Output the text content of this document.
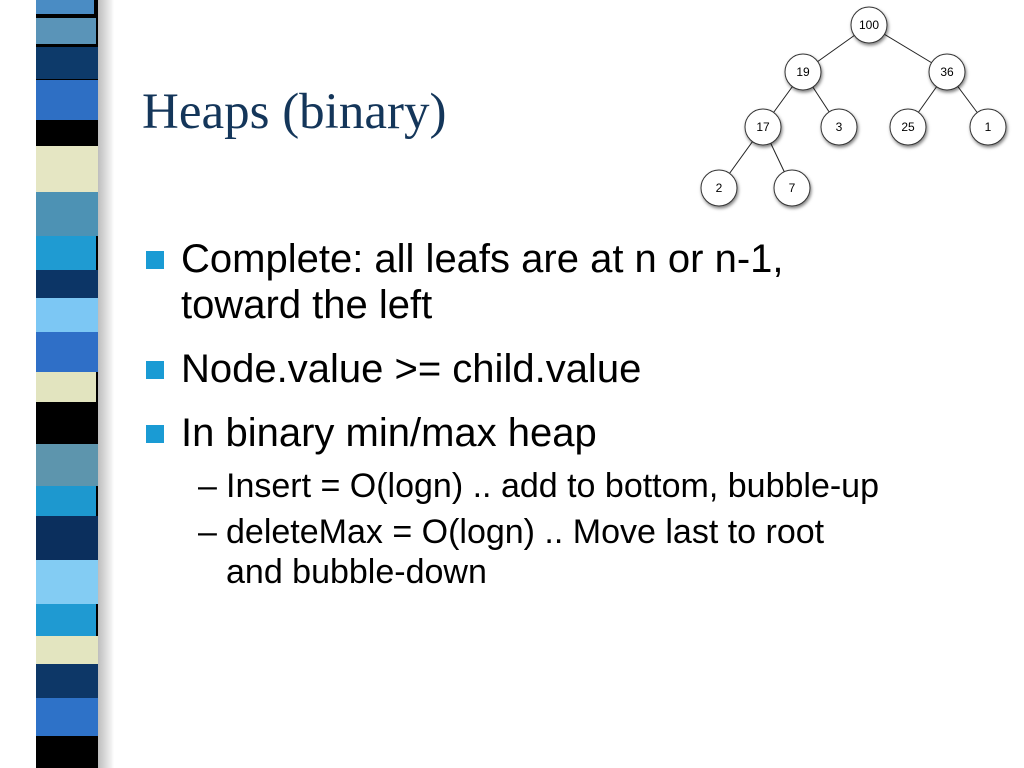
Heaps (binary)
100
19	36
17	3	25	1
2	7
Complete: all leafs are at n or n-1,
toward the left
Node.value >= child.value
In binary min/max heap
– Insert = O(logn) .. add to bottom, bubble-up
– deleteMax = O(logn) .. Move last to root
and bubble-down
